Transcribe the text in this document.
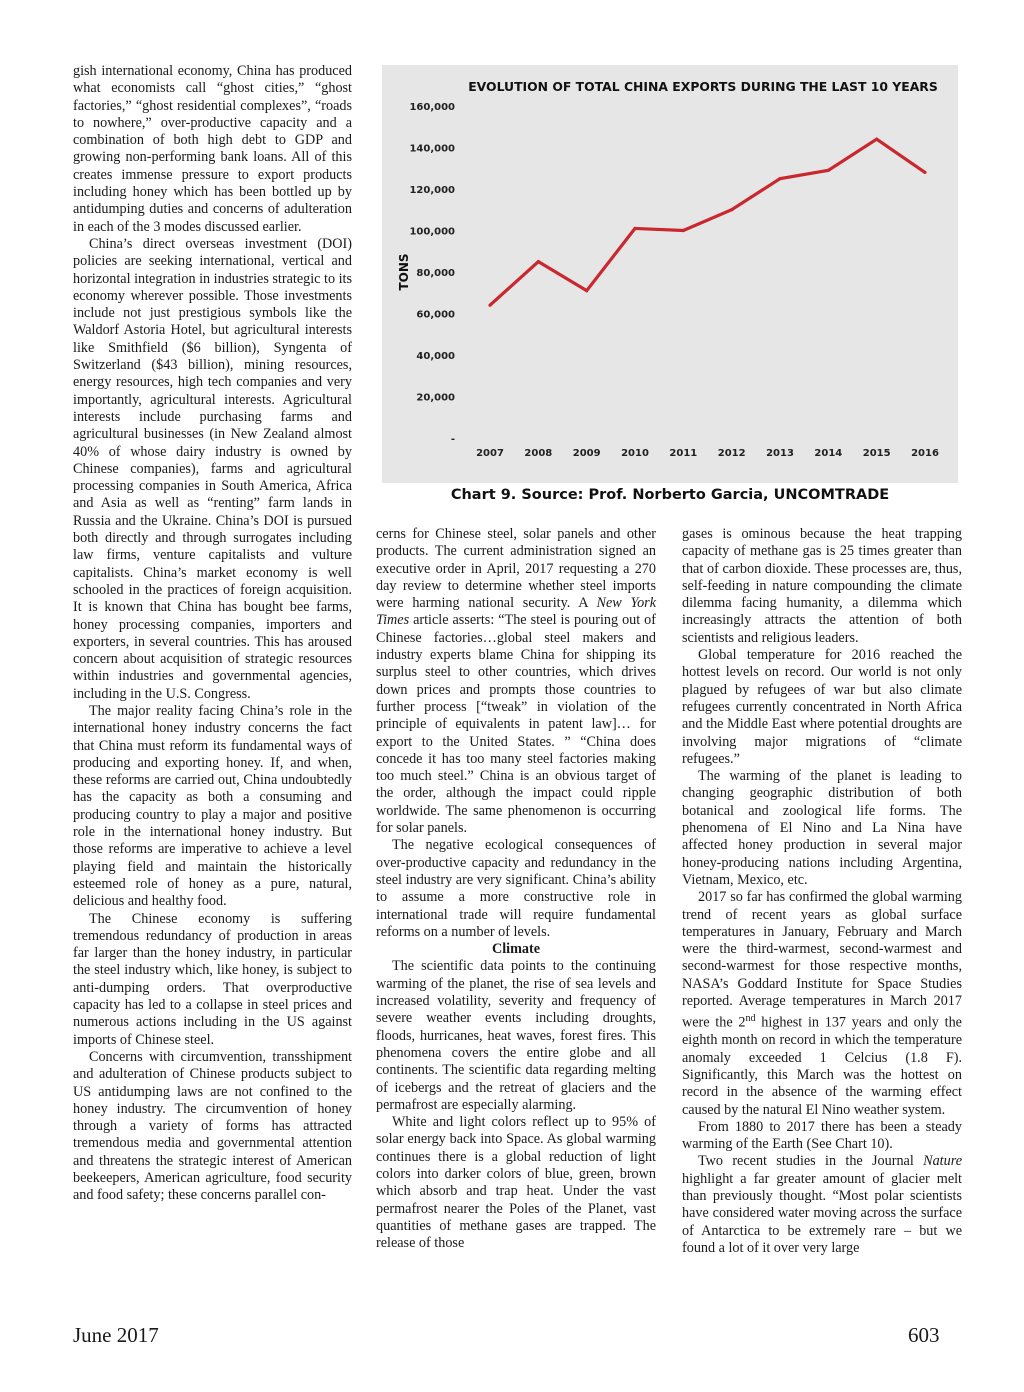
gish international economy, China has produced what economists call “ghost cities,” “ghost factories,” “ghost residential complexes”, “roads to nowhere,” over-productive capacity and a combination of both high debt to GDP and growing non-performing bank loans. All of this creates immense pressure to export products including honey which has been bottled up by antidumping duties and concerns of adulteration in each of the 3 modes discussed earlier.

China’s direct overseas investment (DOI) policies are seeking international, vertical and horizontal integration in industries strategic to its economy wherever possible. Those investments include not just prestigious symbols like the Waldorf Astoria Hotel, but agricultural interests like Smithfield ($6 billion), Syngenta of Switzerland ($43 billion), mining resources, energy resources, high tech companies and very importantly, agricultural interests. Agricultural interests include purchasing farms and agricultural businesses (in New Zealand almost 40% of whose dairy industry is owned by Chinese companies), farms and agricultural processing companies in South America, Africa and Asia as well as “renting” farm lands in Russia and the Ukraine. China’s DOI is pursued both directly and through surrogates including law firms, venture capitalists and vulture capitalists. China’s market economy is well schooled in the practices of foreign acquisition. It is known that China has bought bee farms, honey processing companies, importers and exporters, in several countries. This has aroused concern about acquisition of strategic resources within industries and governmental agencies, including in the U.S. Congress.

The major reality facing China’s role in the international honey industry concerns the fact that China must reform its fundamental ways of producing and exporting honey. If, and when, these reforms are carried out, China undoubtedly has the capacity as both a consuming and producing country to play a major and positive role in the international honey industry. But those reforms are imperative to achieve a level playing field and maintain the historically esteemed role of honey as a pure, natural, delicious and healthy food.

The Chinese economy is suffering tremendous redundancy of production in areas far larger than the honey industry, in particular the steel industry which, like honey, is subject to anti-dumping orders. That overproductive capacity has led to a collapse in steel prices and numerous actions including in the US against imports of Chinese steel.

Concerns with circumvention, transshipment and adulteration of Chinese products subject to US antidumping laws are not confined to the honey industry. The circumvention of honey through a variety of forms has attracted tremendous media and governmental attention and threatens the strategic interest of American beekeepers, American agriculture, food security and food safety; these concerns parallel con-

EVOLUTION OF TOTAL CHINA EXPORTS DURING THE LAST 10 YEARS
TONS
-
20,000
40,000
60,000
80,000
100,000
120,000
140,000
160,000
2007 2008 2009 2010 2011 2012 2013 2014 2015 2016
Chart 9. Source: Prof. Norberto Garcia, UNCOMTRADE

cerns for Chinese steel, solar panels and other products. The current administration signed an executive order in April, 2017 requesting a 270 day review to determine whether steel imports were harming national security. A New York Times article asserts: “The steel is pouring out of Chinese factories…global steel makers and industry experts blame China for shipping its surplus steel to other countries, which drives down prices and prompts those countries to further process [“tweak” in violation of the principle of equivalents in patent law]… for export to the United States. ” “China does concede it has too many steel factories making too much steel.” China is an obvious target of the order, although the impact could ripple worldwide. The same phenomenon is occurring for solar panels.

The negative ecological consequences of over-productive capacity and redundancy in the steel industry are very significant. China’s ability to assume a more constructive role in international trade will require fundamental reforms on a number of levels.

Climate

The scientific data points to the continuing warming of the planet, the rise of sea levels and increased volatility, severity and frequency of severe weather events including droughts, floods, hurricanes, heat waves, forest fires. This phenomena covers the entire globe and all continents. The scientific data regarding melting of icebergs and the retreat of glaciers and the permafrost are especially alarming.

White and light colors reflect up to 95% of solar energy back into Space. As global warming continues there is a global reduction of light colors into darker colors of blue, green, brown which absorb and trap heat. Under the vast permafrost nearer the Poles of the Planet, vast quantities of methane gases are trapped. The release of those

gases is ominous because the heat trapping capacity of methane gas is 25 times greater than that of carbon dioxide. These processes are, thus, self-feeding in nature compounding the climate dilemma facing humanity, a dilemma which increasingly attracts the attention of both scientists and religious leaders.

Global temperature for 2016 reached the hottest levels on record. Our world is not only plagued by refugees of war but also climate refugees currently concentrated in North Africa and the Middle East where potential droughts are involving major migrations of “climate refugees.”

The warming of the planet is leading to changing geographic distribution of both botanical and zoological life forms. The phenomena of El Nino and La Nina have affected honey production in several major honey-producing nations including Argentina, Vietnam, Mexico, etc.

2017 so far has confirmed the global warming trend of recent years as global surface temperatures in January, February and March were the third-warmest, second-warmest and second-warmest for those respective months, NASA’s Goddard Institute for Space Studies reported. Average temperatures in March 2017 were the 2nd highest in 137 years and only the eighth month on record in which the temperature anomaly exceeded 1 Celcius (1.8 F). Significantly, this March was the hottest on record in the absence of the warming effect caused by the natural El Nino weather system.

From 1880 to 2017 there has been a steady warming of the Earth (See Chart 10).

Two recent studies in the Journal Nature highlight a far greater amount of glacier melt than previously thought. “Most polar scientists have considered water moving across the surface of Antarctica to be extremely rare – but we found a lot of it over very large

June 2017	603
